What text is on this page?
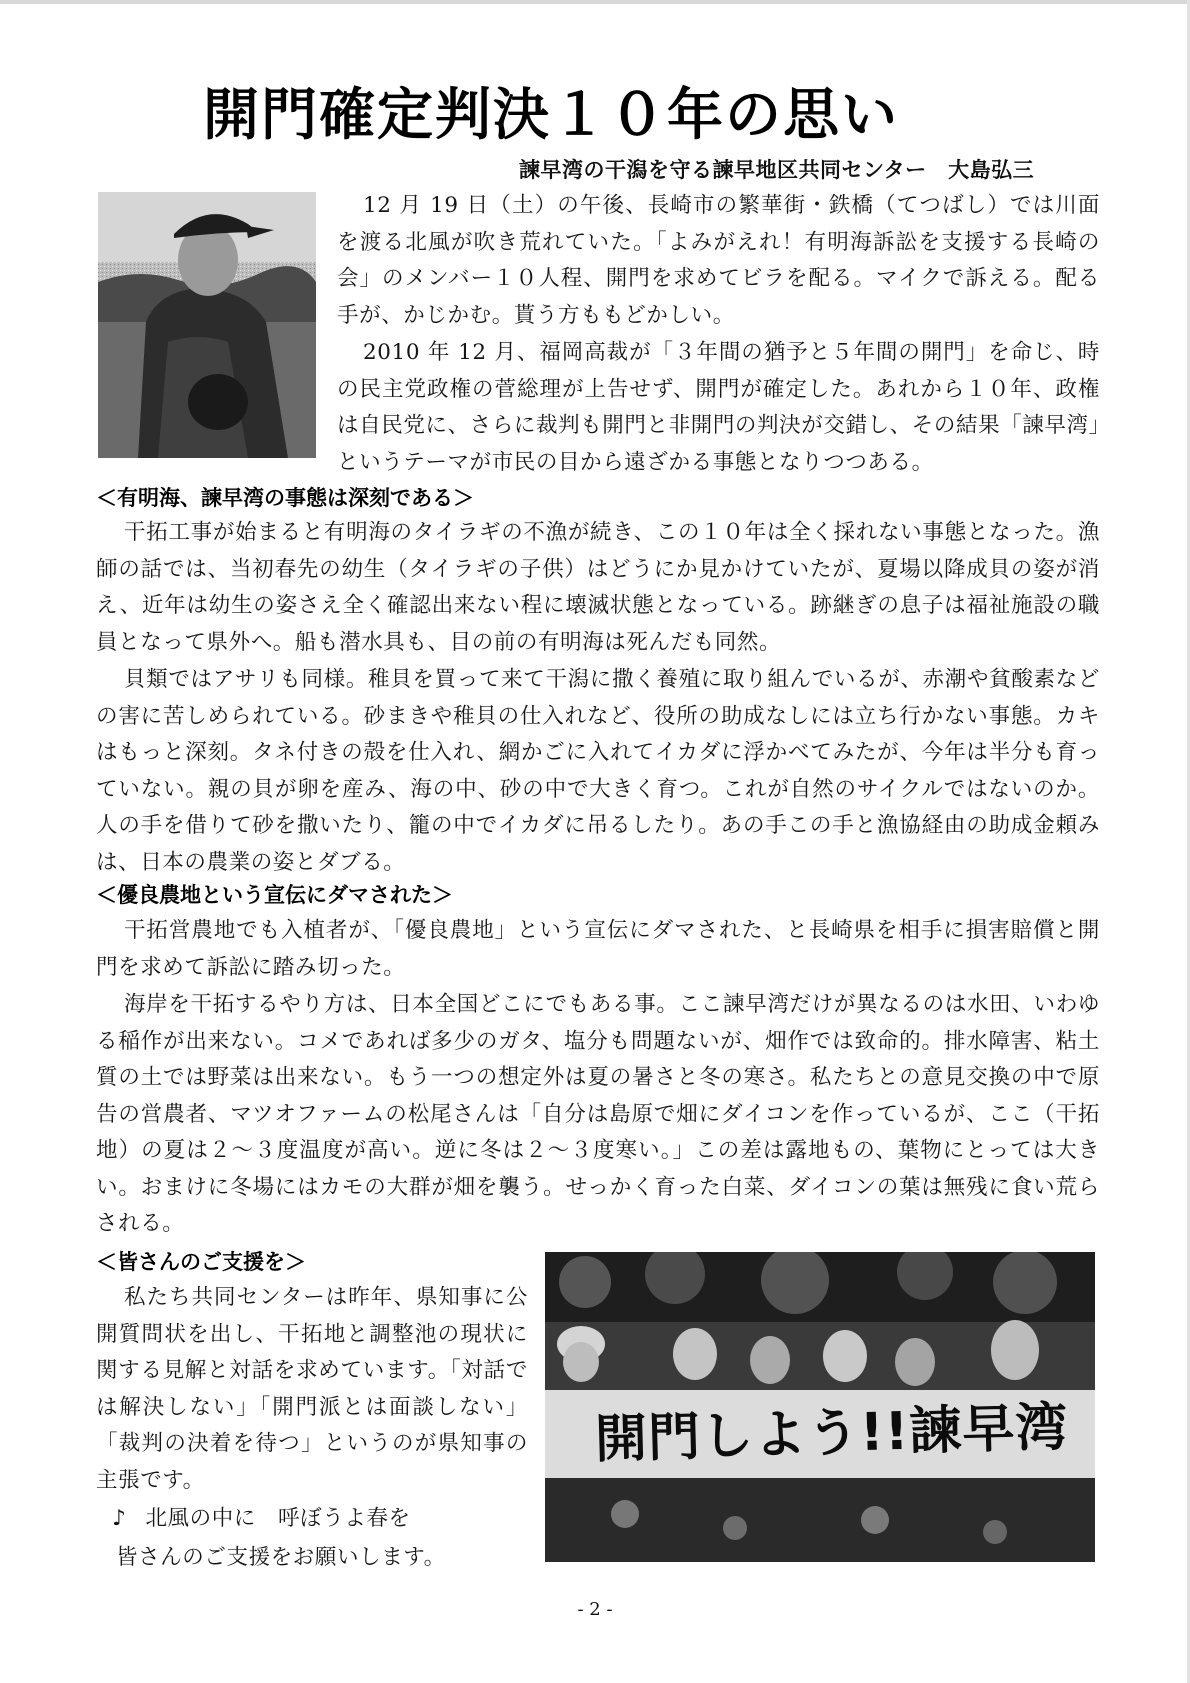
開門確定判決１０年の思い
諫早湾の干潟を守る諫早地区共同センター　大島弘三

12 月 19 日（土）の午後、長崎市の繁華街・鉄橋（てつばし）では川面を渡る北風が吹き荒れていた。「よみがえれ！有明海訴訟を支援する長崎の会」のメンバー１０人程、開門を求めてビラを配る。マイクで訴える。配る手が、かじかむ。貰う方ももどかしい。

2010 年 12 月、福岡高裁が「３年間の猶予と５年間の開門」を命じ、時の民主党政権の菅総理が上告せず、開門が確定した。あれから１０年、政権は自民党に、さらに裁判も開門と非開門の判決が交錯し、その結果「諫早湾」というテーマが市民の目から遠ざかる事態となりつつある。

＜有明海、諫早湾の事態は深刻である＞

干拓工事が始まると有明海のタイラギの不漁が続き、この１０年は全く採れない事態となった。漁師の話では、当初春先の幼生（タイラギの子供）はどうにか見かけていたが、夏場以降成貝の姿が消え、近年は幼生の姿さえ全く確認出来ない程に壊滅状態となっている。跡継ぎの息子は福祉施設の職員となって県外へ。船も潜水具も、目の前の有明海は死んだも同然。

貝類ではアサリも同様。稚貝を買って来て干潟に撒く養殖に取り組んでいるが、赤潮や貧酸素などの害に苦しめられている。砂まきや稚貝の仕入れなど、役所の助成なしには立ち行かない事態。カキはもっと深刻。タネ付きの殻を仕入れ、網かごに入れてイカダに浮かべてみたが、今年は半分も育っていない。親の貝が卵を産み、海の中、砂の中で大きく育つ。これが自然のサイクルではないのか。人の手を借りて砂を撒いたり、籠の中でイカダに吊るしたり。あの手この手と漁協経由の助成金頼みは、日本の農業の姿とダブる。

＜優良農地という宣伝にダマされた＞

干拓営農地でも入植者が、「優良農地」という宣伝にダマされた、と長崎県を相手に損害賠償と開門を求めて訴訟に踏み切った。

海岸を干拓するやり方は、日本全国どこにでもある事。ここ諫早湾だけが異なるのは水田、いわゆる稲作が出来ない。コメであれば多少のガタ、塩分も問題ないが、畑作では致命的。排水障害、粘土質の土では野菜は出来ない。もう一つの想定外は夏の暑さと冬の寒さ。私たちとの意見交換の中で原告の営農者、マツオファームの松尾さんは「自分は島原で畑にダイコンを作っているが、ここ（干拓地）の夏は２～３度温度が高い。逆に冬は２～３度寒い。」この差は露地もの、葉物にとっては大きい。おまけに冬場にはカモの大群が畑を襲う。せっかく育った白菜、ダイコンの葉は無残に食い荒らされる。

＜皆さんのご支援を＞

私たち共同センターは昨年、県知事に公開質問状を出し、干拓地と調整池の現状に関する見解と対話を求めています。「対話では解決しない」「開門派とは面談しない」「裁判の決着を待つ」というのが県知事の主張です。

♪ 北風の中に　呼ぼうよ春を
皆さんのご支援をお願いします。
開門しよう!!諫早湾
- 2 -
